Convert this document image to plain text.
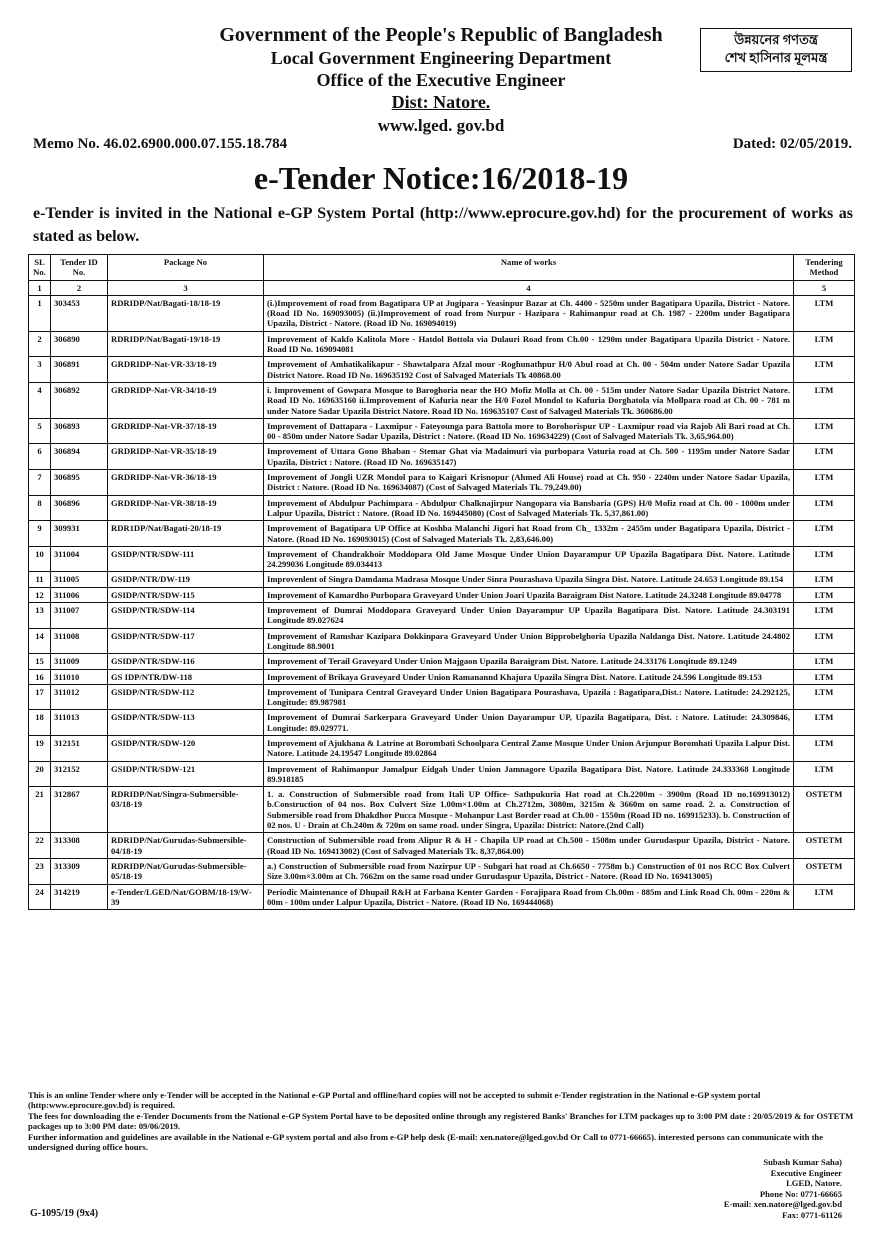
Government of the People's Republic of Bangladesh
Local Government Engineering Department
Office of the Executive Engineer
Dist: Natore.
www.lged. gov.bd
উন্নয়নের গণতন্ত্র
শেখ হাসিনার মূলমন্ত্র
Memo No. 46.02.6900.000.07.155.18.784	Dated: 02/05/2019.
e-Tender Notice:16/2018-19
e-Tender is invited in the National e-GP System Portal (http://www.eprocure.gov.hd) for the procurement of works as stated as below.
SL No.	Tender ID No.	Package No	Name of works	Tendering Method
1	2	3	4	5
1	303453	RDRIDP/Nat/Bagati-18/18-19	(i.)Improvement of road from Bagatipara UP at Jugipara - Yeasinpur Bazar at Ch. 4400 - 5250m under Bagatipara Upazila, District - Natore. (Road ID No. 169093005) (ii.)Improvement of road from Nurpur - Hazipara - Rahimanpur road at Ch. 1987 - 2200m under Bagatipara Upazila, District - Natore. (Road ID No. 169094019)	LTM
2	306890	RDRIDP/Nat/Bagati-19/18-19	Improvement of Kakfo Kalitola More - Hatdol Bottola via Dulauri Road from Ch.00 - 1290m under Bagatipara Upazila District - Natore. Road ID No. 169094081	LTM
3	306891	GRDRIDP-Nat-VR-33/18-19	Improvement of Amhatikalikapur - Shawtalpara Afzal mour -Roghunathpur H/0 Abul road at Ch. 00 - 504m under Natore Sadar Upazila District Natore. Road ID No. 169635192 Cost of Salvaged Materials Tk 40868.00	LTM
4	306892	GRDRIDP-Nat-VR-34/18-19	i. Improvement of Gowpara Mosque to Baroghoria near the HO Mofiz Molla at Ch. 00 - 515m under Natore Sadar Upazila District Natore. Road ID No. 169635160 ii.Improvement of Kafuria near the H/0 Fozol Mondol to Kafuria Dorghatola via Mollpara road at Ch. 00 - 781 m under Natore Sadar Upazila District Natore. Road ID No. 169635107 Cost of Salvaged Materials Tk. 360686.00	LTM
5	306893	GRDRIDP-Nat-VR-37/18-19	Improvement of Dattapara - Laxmipur - Fateyounga para Battola more to Borohorispur UP - Laxmipur road via Rajob Ali Bari road at Ch. 00 - 850m under Natore Sadar Upazila, District : Natore. (Road ID No. 169634229) (Cost of Salvaged Materials Tk. 3,65,964.00)	LTM
6	306894	GRDRIDP-Nat-VR-35/18-19	Improvement of Uttara Gono Bhaban - Stemar Ghat via Madaimuri via purbopara Vaturia road at Ch. 500 - 1195m under Natore Sadar Upazila, District : Natore. (Road ID No. 169635147)	LTM
7	306895	GRDRIDP-Nat-VR-36/18-19	Improvement of Jongli UZR Mondol para to Kaigari Krisnopur (Ahmed Ali House) road at Ch. 950 - 2240m under Natore Sadar Upazila, District : Natore. (Road ID No. 169634087) (Cost of Salvaged Materials Tk. 79,249.00)	LTM
8	306896	GRDRIDP-Nat-VR-38/18-19	Improvement of Abdulpur Pachimpara - Abdulpur Chalknajirpur Nangopara via Bansbaria (GPS) H/0 Mofiz road at Ch. 00 - 1000m under Lalpur Upazila, District : Natore. (Road ID No. 169445080) (Cost of Salvaged Materials Tk. 5,37,861.00)	LTM
9	309931	RDR1DP/Nat/Bagati-20/18-19	Improvement of Bagatipara UP Office at Koshba Malanchi Jigori hat Road from Ch_ 1332m - 2455m under Bagatipara Upazila, District - Natore. (Road ID No. 169093015) (Cost of Salvaged Materials Tk. 2,83,646.00)	LTM
10	311004	GSIDP/NTR/SDW-111	Improvement of Chandrakhoir Moddopara Old Jame Mosque Under Union Dayarampur UP Upazila Bagatipara Dist. Natore. Latitude 24.299036 Longitude 89.034413	LTM
11	311005	GSIDP/NTR/DW-119	Improvenlent of Singra Damdama Madrasa Mosque Under Sinra Pourashava Upazila Singra Dist. Natore. Latitude 24.653 Longitude 89.154	LTM
12	311006	GSIDP/NTR/SDW-115	Improvement of Kamardho Purbopara Graveyard Under Union Joari Upazila Baraigram Dist Natore. Latitude 24.3248 Longitude 89.04778	LTM
13	311007	GSIDP/NTR/SDW-114	Improvement of Dumrai Moddopara Graveyard Under Union Dayarampur UP Upazila Bagatipara Dist. Natore. Latitude 24.303191 Longitude 89.027624	LTM
14	311008	GSIDP/NTR/SDW-117	Improvement of Ramshar Kazipara Dokkinpara Graveyard Under Union Bipprobelghoria Upazila Naldanga Dist. Natore. Latitude 24.4802 Longitude 88.9001	LTM
15	311009	GSIDP/NTR/SDW-116	Improvement of Terail Graveyard Under Union Majgaon Upazila Baraigram Dist. Natore. Latitude 24.33176 Lonqitude 89.1249	LTM
16	311010	GS IDP/NTR/DW-118	Improvement of Brikaya Graveyard Under Union Ramanannd Khajura Upazila Singra Dist. Natore. Latitude 24.596 Longitude 89.153	LTM
17	311012	GSIDP/NTR/SDW-I12	Improvement of Tunipara Central Graveyard Under Union Bagatipara Pourashava, Upazila : Bagatipara,Dist.: Natore. Latitude: 24.292125, Longitude: 89.987981	LTM
18	311013	GSIDP/NTR/SDW-113	Improvement of Dumrai Sarkerpara Graveyard Under Union Dayarampur UP, Upazila Bagatipara, Dist. : Natore. Latitude: 24.309846, Longitude: 89.029771.	LTM
19	312151	GSIDP/NTR/SDW-120	Improvement of Ajukhana & Latrine at Borombati Schoolpara Central Zame Mosque Under Union Arjunpur Boromhati Upazila Lalpur Dist. Natore. Latitude 24.19547 Longitude 89.02864	LTM
20	312152	GSIDP/NTR/SDW-121	Improvement of Rahimanpur Jamalpur Eidgah Under Union Jamnagore Upazila Bagatipara Dist. Natore. Latitude 24.333368 Longitude 89.918185	LTM
21	312867	RDRIDP/Nat/Singra-Submersible-03/18-19	1. a. Construction of Submersible road from Itali UP Office- Sathpukuria Hat road at Ch.2200m - 3900m (Road ID no.169913012) b.Construction of 04 nos. Box Culvert Size 1.00m×1.00m at Ch.2712m, 3080m, 3215m & 3660m on same road. 2. a. Construction of Submersible road from Dhakdhor Pucca Mosque - Mohanpur Last Border road at Ch.00 - 1550m (Road ID no. 169915233). b. Construction of 02 nos. U - Drain at Ch.240m & 720m on same road. under Singra, Upazila: District: Natore.(2nd Call)	OSTETM
22	313308	RDRIDP/Nat/Gurudas-Submersible-04/18-19	Construction of Submersible road from Alipur R & H - Chapila UP road at Ch.500 - 1508m under Gurudaspur Upazila, District - Natore. (Road ID No. 169413002) (Cost of Salvaged Materials Tk. 8,37,864.00)	OSTETM
23	313309	RDRIDP/Nat/Gurudas-Submersible-05/18-19	a.) Construction of Submersible road from Nazirpur UP - Subgari hat road at Ch.6650 - 7758m b.) Construction of 01 nos RCC Box Culvert Size 3.00m×3.00m at Ch. 7662m on the same road under Gurudaspur Upazila, District - Natore. (Road ID No. 169413005)	OSTETM
24	314219	e-Tender/LGED/Nat/GOBM/18-19/W-39	Periodic Maintenance of Dhupail R&H at Farbana Kenter Garden - Forajipara Road from Ch.00m - 885m and Link Road Ch. 00m - 220m & 00m - 100m under Lalpur Upazila, District - Natore. (Road ID No. 169444068)	LTM
This is an online Tender where only e-Tender will be accepted in the National e-GP Portal and offline/hard copies will not be accepted to submit e-Tender registration in the National e-GP system portal (http:www.eprocure.gov.bd) is required.
The fees for downloading the e-Tender Documents from the National e-GP System Portal have to be deposited online through any registered Banks' Branches for LTM packages up to 3:00 PM date : 20/05/2019 & for OSTETM packages up to 3:00 PM date: 09/06/2019.
Further information and guidelines are available in the National e-GP system portal and also from e-GP help desk (E-mail: xen.natore@lged.gov.bd Or Call to 0771-66665). interested persons can communicate with the undersigned during office hours.
Subash Kumar Saha)
Executive Engineer
LGED, Natore.
Phone No: 0771-66665
E-mail: xen.natore@lged.gov.bd
Fax: 0771-61126
G-1095/19 (9x4)
